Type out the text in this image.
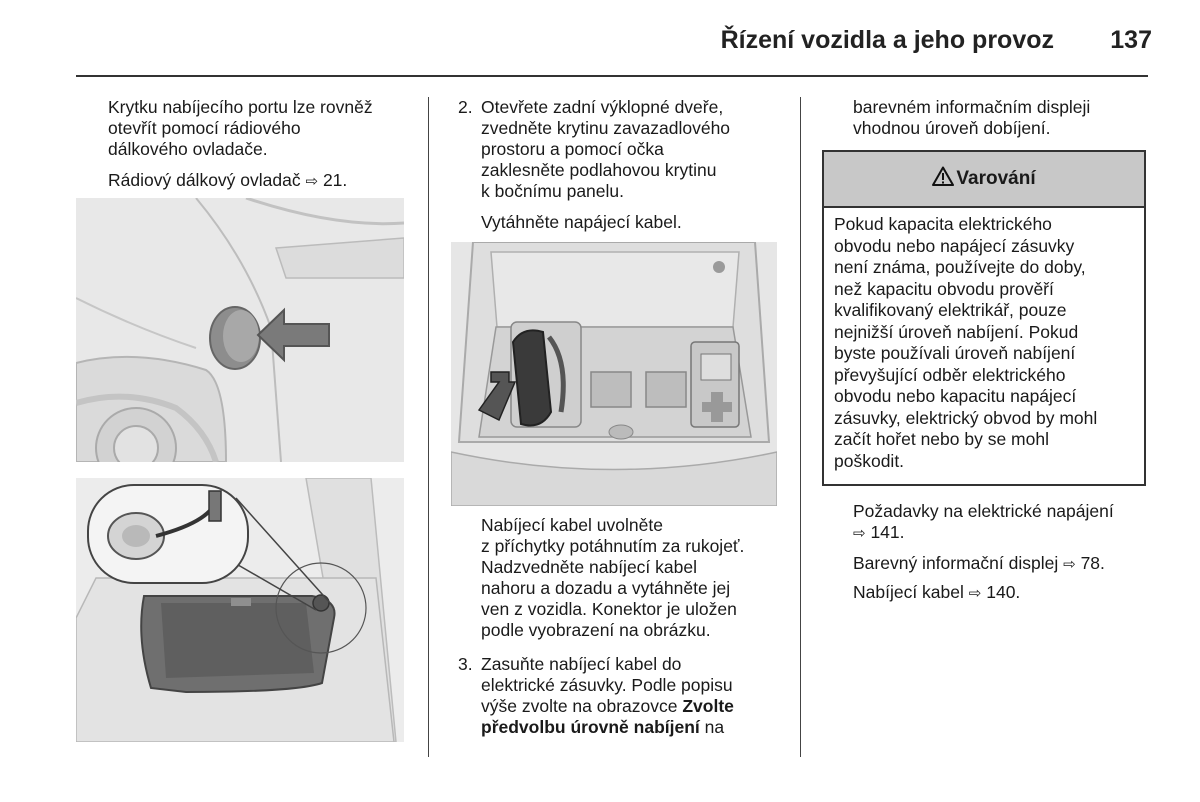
Řízení vozidla a jeho provoz 137

Krytku nabíjecího portu lze rovněž

otevřít pomocí rádiového

dálkového ovladače.

Rádiový dálkový ovladač ⇨ 21.

2. Otevřete zadní výklopné dveře,

zvedněte krytinu zavazadlového

prostoru a pomocí očka

zaklesněte podlahovou krytinu

k bočnímu panelu.

Vytáhněte napájecí kabel.

Nabíjecí kabel uvolněte

z příchytky potáhnutím za rukojeť.

Nadzvedněte nabíjecí kabel

nahoru a dozadu a vytáhněte jej

ven z vozidla. Konektor je uložen

podle vyobrazení na obrázku.

3. Zasuňte nabíjecí kabel do

elektrické zásuvky. Podle popisu

výše zvolte na obrazovce Zvolte

předvolbu úrovně nabíjení na

barevném informačním displeji

vhodnou úroveň dobíjení.

Varování
Pokud kapacita elektrického
obvodu nebo napájecí zásuvky
není známa, používejte do doby,
než kapacitu obvodu prověří
kvalifikovaný elektrikář, pouze
nejnižší úroveň nabíjení. Pokud
byste používali úroveň nabíjení
převyšující odběr elektrického
obvodu nebo kapacitu napájecí
zásuvky, elektrický obvod by mohl
začít hořet nebo by se mohl
poškodit.

Požadavky na elektrické napájení

⇨ 141.

Barevný informační displej ⇨ 78.

Nabíjecí kabel ⇨ 140.
